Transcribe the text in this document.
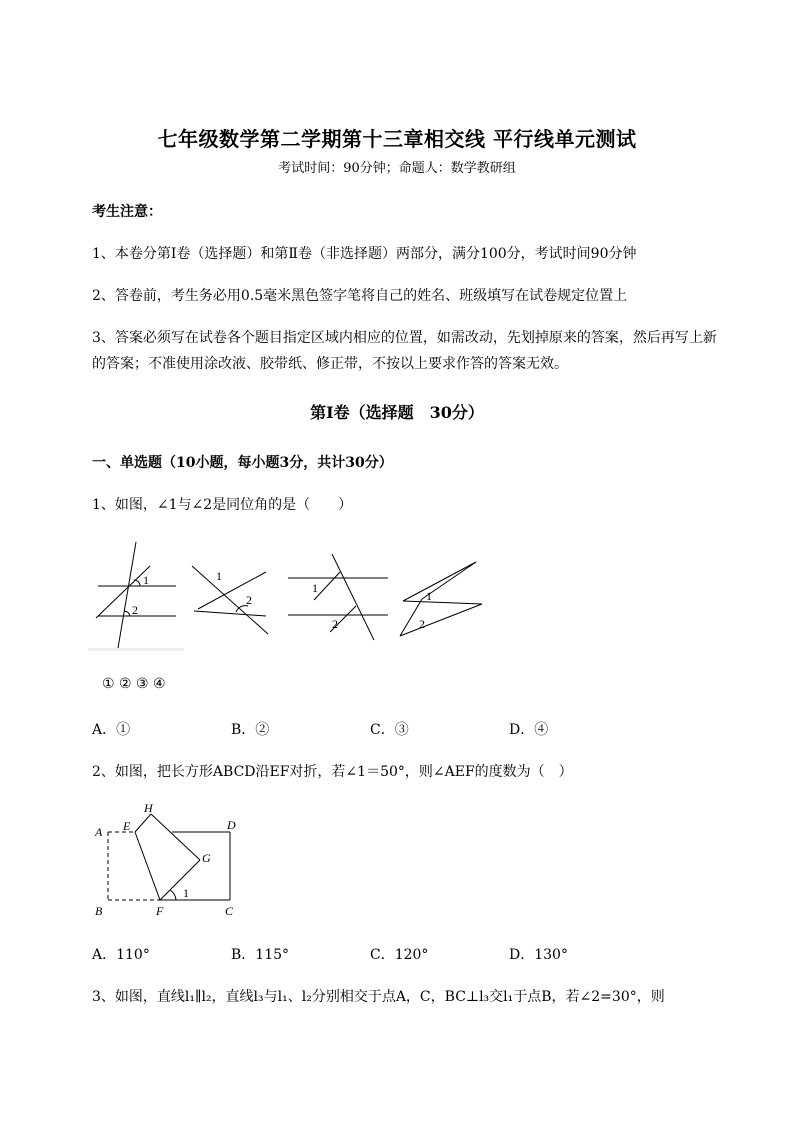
七年级数学第二学期第十三章相交线 平行线单元测试
考试时间：90分钟；命题人：数学教研组
考生注意：
1、本卷分第I卷（选择题）和第Ⅱ卷（非选择题）两部分，满分100分，考试时间90分钟
2、答卷前，考生务必用0.5毫米黑色签字笔将自己的姓名、班级填写在试卷规定位置上
3、答案必须写在试卷各个题目指定区域内相应的位置，如需改动，先划掉原来的答案，然后再写上新
的答案；不准使用涂改液、胶带纸、修正带，不按以上要求作答的答案无效。
第I卷（选择题　30分）
一、单选题（10小题，每小题3分，共计30分）
1、如图，∠1与∠2是同位角的是（　　）
1
2
1
2
1
2
1
2
① ② ③ ④
A．①	B．②	C．③	D．④
2、如图，把长方形ABCD沿EF对折，若∠1＝50°，则∠AEF的度数为（　）
H
A E	D
G
B	F	C
1
A．110°	B．115°	C．120°	D．130°
3、如图，直线l₁∥l₂，直线l₃与l₁、l₂分别相交于点A，C，BC⊥l₃交l₁于点B，若∠2=30°，则
